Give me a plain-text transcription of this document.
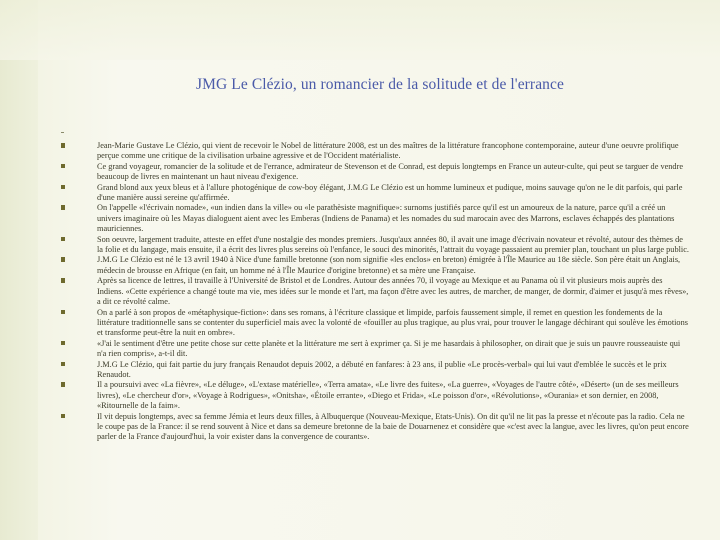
JMG Le Clézio, un romancier de la solitude et de l'errance
Jean-Marie Gustave Le Clézio, qui vient de recevoir le Nobel de littérature 2008, est un des maîtres de la littérature francophone contemporaine, auteur d'une oeuvre prolifique perçue comme une critique de la civilisation urbaine agressive et de l'Occident matérialiste.
Ce grand voyageur, romancier de la solitude et de l'errance, admirateur de Stevenson et de Conrad, est depuis longtemps en France un auteur-culte, qui peut se targuer de vendre beaucoup de livres en maintenant un haut niveau d'exigence.
Grand blond aux yeux bleus et à l'allure photogénique de cow-boy élégant, J.M.G Le Clézio est un homme lumineux et pudique, moins sauvage qu'on ne le dit parfois, qui parle d'une manière aussi sereine qu'affirmée.
On l'appelle «l'écrivain nomade», «un indien dans la ville» ou «le parathèsiste magnifique»: surnoms justifiés parce qu'il est un amoureux de la nature, parce qu'il a créé un univers imaginaire où les Mayas dialoguent aient avec les Emberas (Indiens de Panama) et les nomades du sud marocain avec des Marrons, esclaves échappés des plantations mauriciennes.
Son oeuvre, largement traduite, atteste en effet d'une nostalgie des mondes premiers. Jusqu'aux années 80, il avait une image d'écrivain novateur et révolté, autour des thèmes de la folie et du langage, mais ensuite, il a écrit des livres plus sereins où l'enfance, le souci des minorités, l'attrait du voyage passaient au premier plan, touchant un plus large public.
J.M.G Le Clézio est né le 13 avril 1940 à Nice d'une famille bretonne (son nom signifie «les enclos» en breton) émigrée à l'Île Maurice au 18e siècle. Son père était un Anglais, médecin de brousse en Afrique (en fait, un homme né à l'Île Maurice d'origine bretonne) et sa mère une Française.
Après sa licence de lettres, il travaille à l'Université de Bristol et de Londres. Autour des années 70, il voyage au Mexique et au Panama où il vit plusieurs mois auprès des Indiens. «Cette expérience a changé toute ma vie, mes idées sur le monde et l'art, ma façon d'être avec les autres, de marcher, de manger, de dormir, d'aimer et jusqu'à mes rêves», a dit ce révolté calme.
On a parlé à son propos de «métaphysique-fiction»: dans ses romans, à l'écriture classique et limpide, parfois faussement simple, il remet en question les fondements de la littérature traditionnelle sans se contenter du superficiel mais avec la volonté de «fouiller au plus tragique, au plus vrai, pour trouver le langage déchirant qui soulève les émotions et transforme peut-être la nuit en ombre».
«J'ai le sentiment d'être une petite chose sur cette planète et la littérature me sert à exprimer ça. Si je me hasardais à philosopher, on dirait que je suis un pauvre rousseauiste qui n'a rien compris», a-t-il dit.
J.M.G Le Clézio, qui fait partie du jury français Renaudot depuis 2002, a débuté en fanfares: à 23 ans, il publie «Le procès-verbal» qui lui vaut d'emblée le succès et le prix Renaudot.
Il a poursuivi avec «La fièvre», «Le déluge», «L'extase matérielle», «Terra amata», «Le livre des fuites», «La guerre», «Voyages de l'autre côté», «Désert» (un de ses meilleurs livres), «Le chercheur d'or», «Voyage à Rodrigues», «Onitsha», «Étoile errante», «Diego et Frida», «Le poisson d'or», «Révolutions», «Ourania» et son dernier, en 2008, «Ritournelle de la faim».
Il vit depuis longtemps, avec sa femme Jémia et leurs deux filles, à Albuquerque (Nouveau-Mexique, Etats-Unis). On dit qu'il ne lit pas la presse et n'écoute pas la radio. Cela ne le coupe pas de la France: il se rend souvent à Nice et dans sa demeure bretonne de la baie de Douarnenez et considère que «c'est avec la langue, avec les livres, qu'on peut encore parler de la France d'aujourd'hui, la voir exister dans la convergence de courants».
